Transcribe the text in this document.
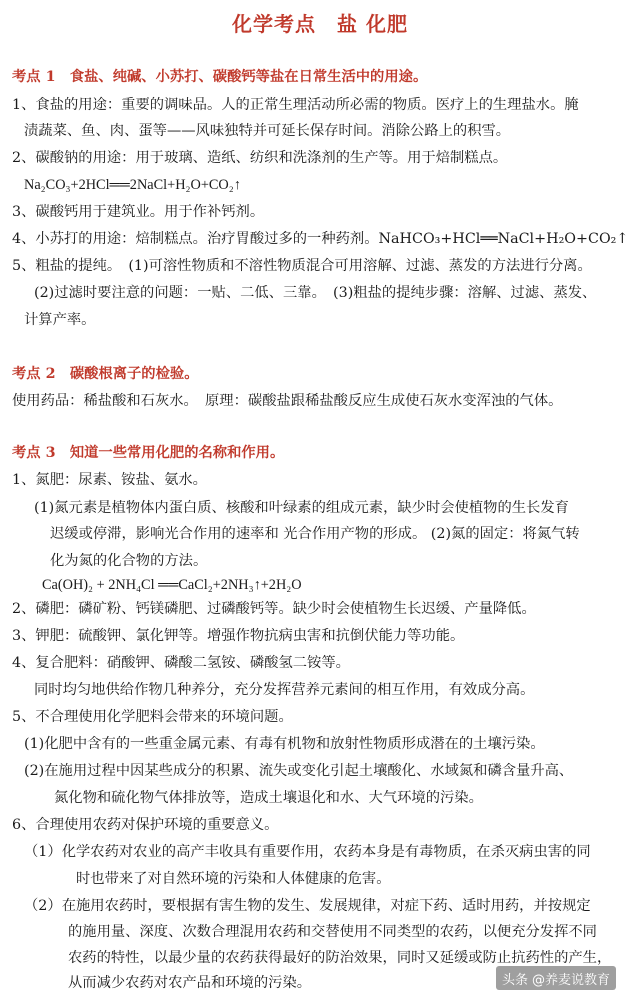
化学考点　盐 化肥
考点 1　食盐、纯碱、小苏打、碳酸钙等盐在日常生活中的用途。
1、食盐的用途：重要的调味品。人的正常生理活动所必需的物质。医疗上的生理盐水。腌
渍蔬菜、鱼、肉、蛋等——风味独特并可延长保存时间。消除公路上的积雪。
2、碳酸钠的用途：用于玻璃、造纸、纺织和洗涤剂的生产等。用于焙制糕点。
Na₂CO₃+2HCl══2NaCl+H₂O+CO₂↑
3、碳酸钙用于建筑业。用于作补钙剂。
4、小苏打的用途：焙制糕点。治疗胃酸过多的一种药剂。NaHCO₃+HCl══NaCl+H₂O+CO₂↑
5、粗盐的提纯。　(1)可溶性物质和不溶性物质混合可用溶解、过滤、蒸发的方法进行分离。
(2)过滤时要注意的问题：一贴、二低、三靠。　(3)粗盐的提纯步骤：溶解、过滤、蒸发、
计算产率。
考点 2　碳酸根离子的检验。
使用药品：稀盐酸和石灰水。　原理：碳酸盐跟稀盐酸反应生成使石灰水变浑浊的气体。
考点 3　知道一些常用化肥的名称和作用。
1、氮肥：尿素、铵盐、氨水。
(1)氮元素是植物体内蛋白质、核酸和叶绿素的组成元素，缺少时会使植物的生长发育
迟缓或停滞，影响光合作用的速率和 光合作用产物的形成。 (2)氮的固定：将氮气转
化为氮的化合物的方法。
Ca(OH)₂ + 2NH₄Cl ══CaCl₂+2NH₃↑+2H₂O
2、磷肥：磷矿粉、钙镁磷肥、过磷酸钙等。缺少时会使植物生长迟缓、产量降低。
3、钾肥：硫酸钾、氯化钾等。增强作物抗病虫害和抗倒伏能力等功能。
4、复合肥料：硝酸钾、磷酸二氢铵、磷酸氢二铵等。
同时均匀地供给作物几种养分，充分发挥营养元素间的相互作用，有效成分高。
5、不合理使用化学肥料会带来的环境问题。
(1)化肥中含有的一些重金属元素、有毒有机物和放射性物质形成潜在的土壤污染。
(2)在施用过程中因某些成分的积累、流失或变化引起土壤酸化、水域氮和磷含量升高、
氮化物和硫化物气体排放等，造成土壤退化和水、大气环境的污染。
6、合理使用农药对保护环境的重要意义。
（1）化学农药对农业的高产丰收具有重要作用，农药本身是有毒物质，在杀灭病虫害的同
时也带来了对自然环境的污染和人体健康的危害。
（2）在施用农药时，要根据有害生物的发生、发展规律，对症下药、适时用药，并按规定
的施用量、深度、次数合理混用农药和交替使用不同类型的农药，以便充分发挥不同
农药的特性，以最少量的农药获得最好的防治效果，同时又延缓或防止抗药性的产生，
从而减少农药对农产品和环境的污染。	头条 @养麦说教育
